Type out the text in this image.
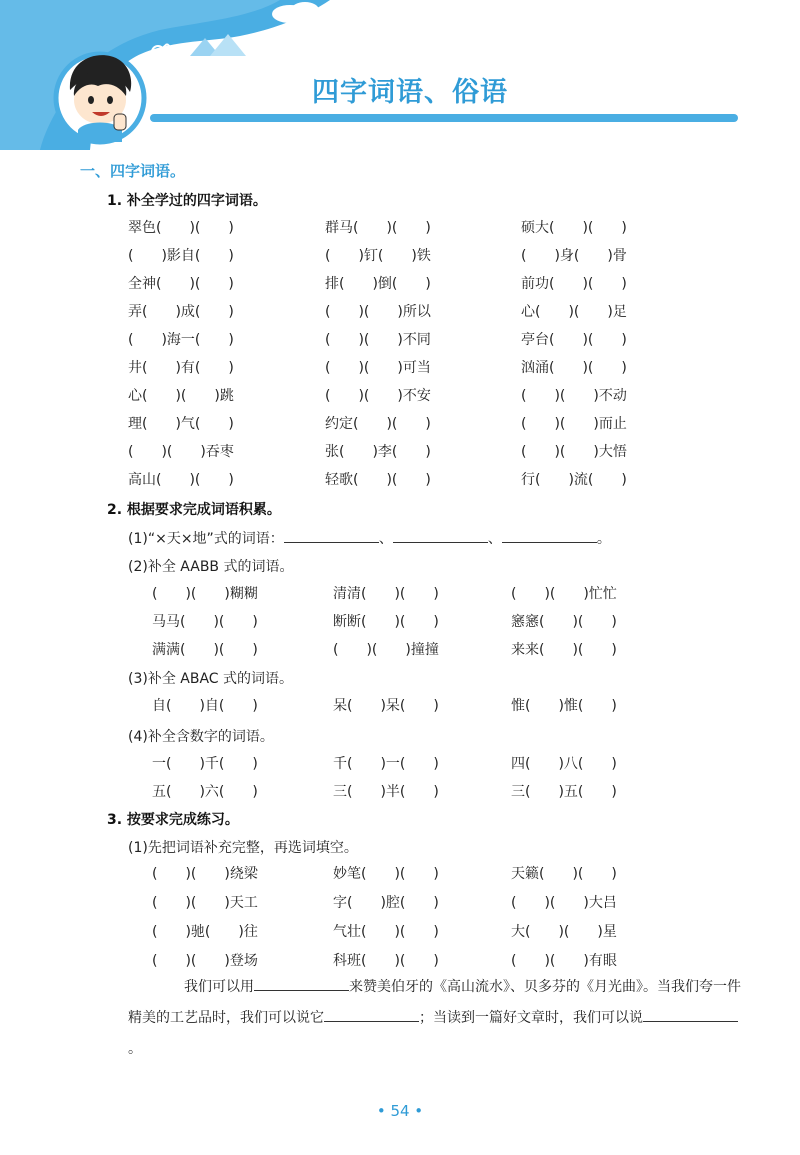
四字词语、俗语
一、四字词语。
1. 补全学过的四字词语。
翠色(　　)(　　)	群马(　　)(　　)	硕大(　　)(　　)
(　　)影自(　　)	(　　)钉(　　)铁	(　　)身(　　)骨
全神(　　)(　　)	排(　　)倒(　　)	前功(　　)(　　)
弄(　　)成(　　)	(　　)(　　)所以	心(　　)(　　)足
(　　)海一(　　)	(　　)(　　)不同	亭台(　　)(　　)
井(　　)有(　　)	(　　)(　　)可当	汹涌(　　)(　　)
心(　　)(　　)跳	(　　)(　　)不安	(　　)(　　)不动
理(　　)气(　　)	约定(　　)(　　)	(　　)(　　)而止
(　　)(　　)吞枣	张(　　)李(　　)	(　　)(　　)大悟
高山(　　)(　　)	轻歌(　　)(　　)	行(　　)流(　　)
2. 根据要求完成词语积累。
(1)“×天×地”式的词语：	、	、	。
(2)补全 AABB 式的词语。
(　　)(　　)糊糊	清清(　　)(　　)	(　　)(　　)忙忙
马马(　　)(　　)	断断(　　)(　　)	窸窸(　　)(　　)
满满(　　)(　　)	(　　)(　　)撞撞	来来(　　)(　　)
(3)补全 ABAC 式的词语。
自(　　)自(　　)	呆(　　)呆(　　)	惟(　　)惟(　　)
(4)补全含数字的词语。
一(　　)千(　　)	千(　　)一(　　)	四(　　)八(　　)
五(　　)六(　　)	三(　　)半(　　)	三(　　)五(　　)
3. 按要求完成练习。
(1)先把词语补充完整，再选词填空。
(　　)(　　)绕梁	妙笔(　　)(　　)	天籁(　　)(　　)
(　　)(　　)天工	字(　　)腔(　　)	(　　)(　　)大吕
(　　)驰(　　)往	气壮(　　)(　　)	大(　　)(　　)星
(　　)(　　)登场	科班(　　)(　　)	(　　)(　　)有眼
我们可以用	来赞美伯牙的《高山流水》、贝多芬的《月光曲》。当我们夸一件精美的工艺品时，我们可以说它	；当读到一篇好文章时，我们可以说。
• 54 •
